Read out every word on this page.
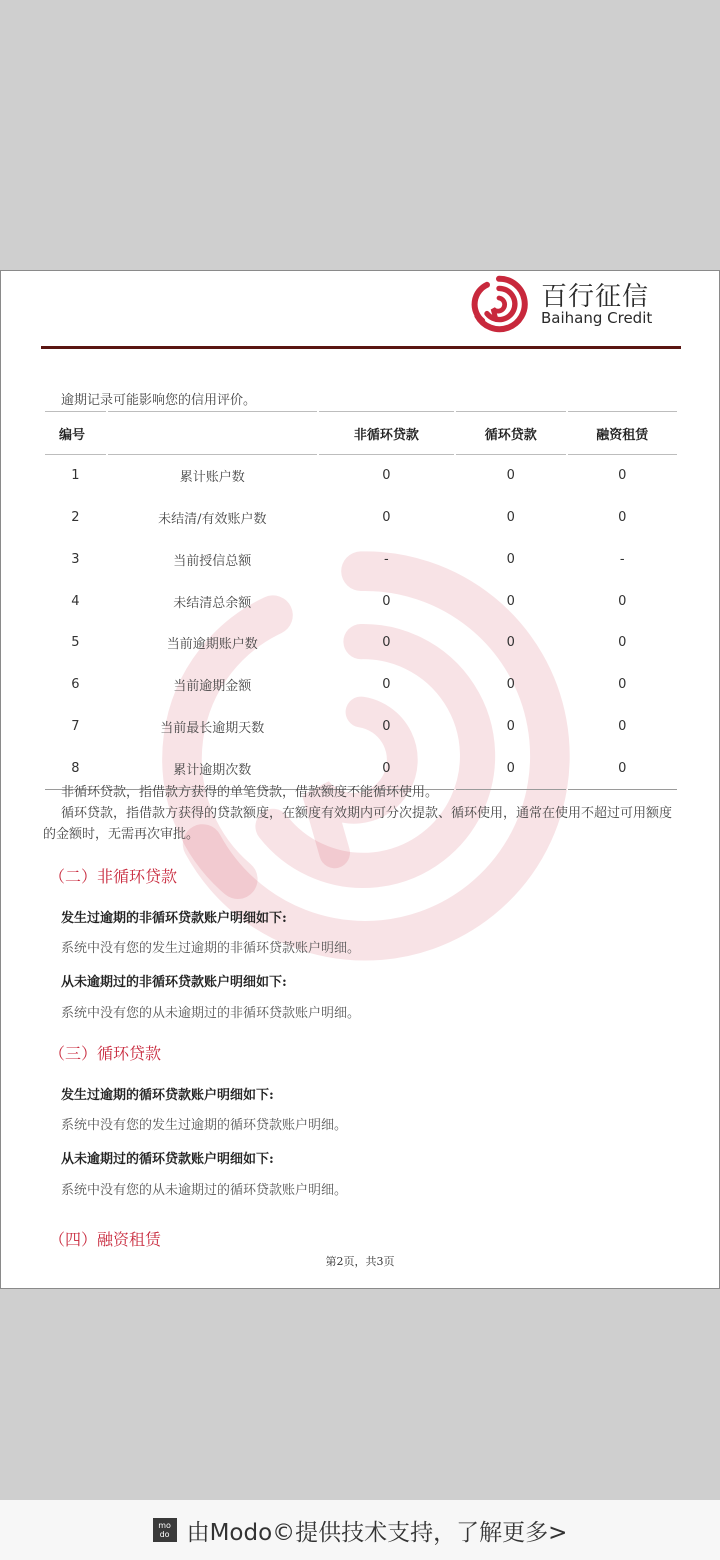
百行征信
Baihang Credit
逾期记录可能影响您的信用评价。
编号		非循环贷款	循环贷款	融资租赁
1	累计账户数	0	0	0
2	未结清/有效账户数	0	0	0
3	当前授信总额	-	0	-
4	未结清总余额	0	0	0
5	当前逾期账户数	0	0	0
6	当前逾期金额	0	0	0
7	当前最长逾期天数	0	0	0
8	累计逾期次数	0	0	0
非循环贷款，指借款方获得的单笔贷款，借款额度不能循环使用。
循环贷款，指借款方获得的贷款额度，在额度有效期内可分次提款、循环使用，通常在使用不超过可用额度的金额时，无需再次审批。
（二）非循环贷款
发生过逾期的非循环贷款账户明细如下:
系统中没有您的发生过逾期的非循环贷款账户明细。
从未逾期过的非循环贷款账户明细如下:
系统中没有您的从未逾期过的非循环贷款账户明细。
（三）循环贷款
发生过逾期的循环贷款账户明细如下:
系统中没有您的发生过逾期的循环贷款账户明细。
从未逾期过的循环贷款账户明细如下:
系统中没有您的从未逾期过的循环贷款账户明细。
（四）融资租赁
第2页，共3页
mo do 由Modo©提供技术支持，了解更多>
